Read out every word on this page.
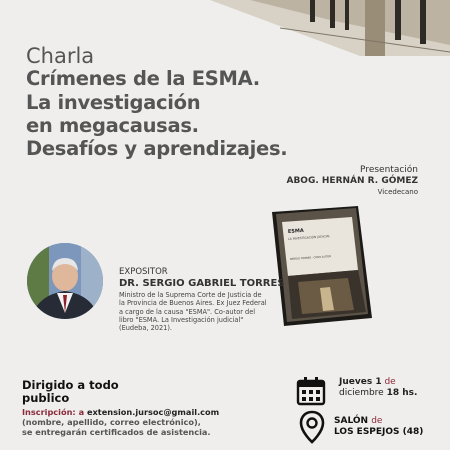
Charla

Crímenes de la ESMA.

La investigación

en megacausas.

Desafíos y aprendizajes.

Presentación

ABOG. HERNÁN R. GÓMEZ

Vicedecano

ESMA
LA INVESTIGACIÓN JUDICIAL
SERGIO TORRES · OTRO AUTOR

EXPOSITOR

DR. SERGIO GABRIEL TORRES

Ministro de la Suprema Corte de Justicia de la Provincia de Buenos Aires. Ex Juez Federal a cargo de la causa "ESMA". Co-autor del libro "ESMA. La Investigación judicial" (Eudeba, 2021).

Dirigido a todo publico

Inscripción: a extension.jursoc@gmail.com
(nombre, apellido, correo electrónico),
se entregarán certificados de asistencia.

Jueves 1 de
diciembre 18 hs.

SALÓN de
LOS ESPEJOS (48)
